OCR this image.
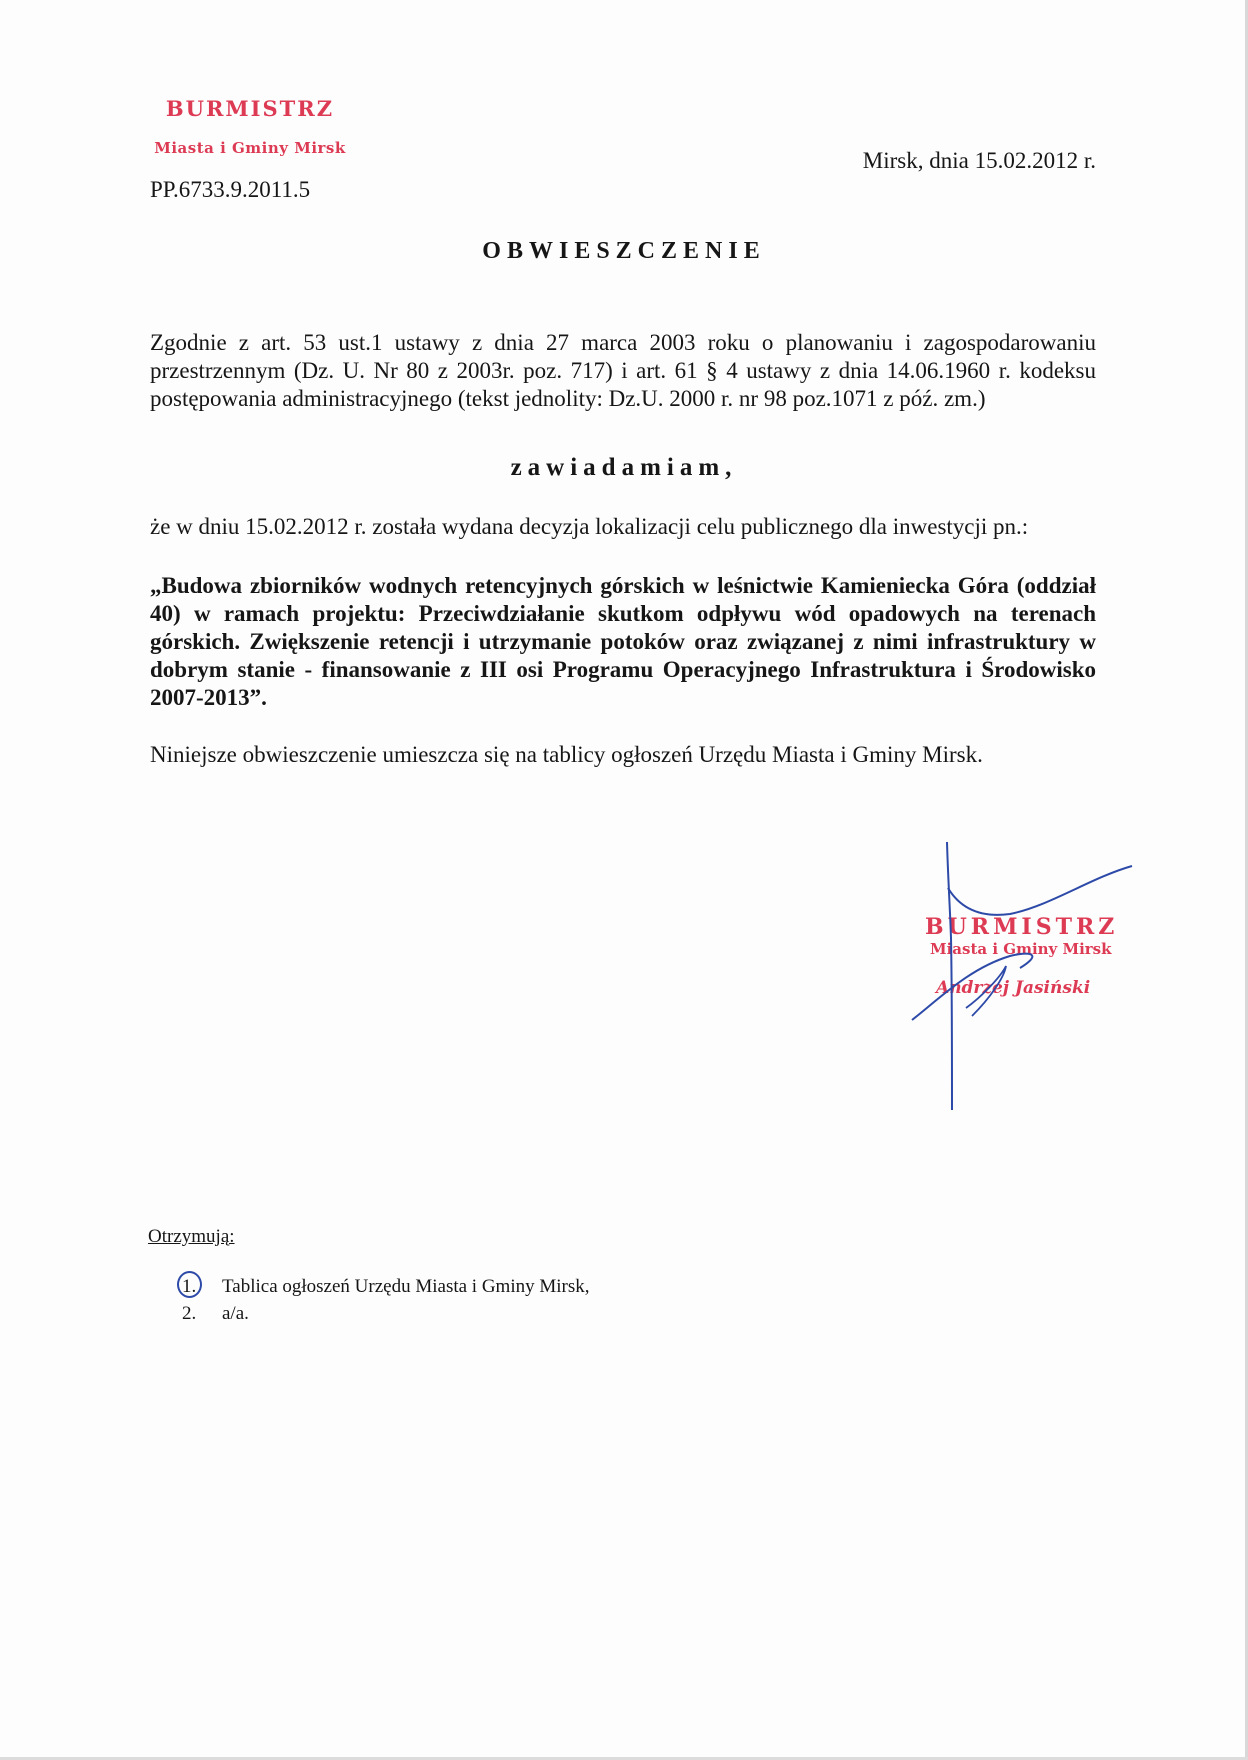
BURMISTRZ
Miasta i Gminy Mirsk
PP.6733.9.2011.5
Mirsk, dnia 15.02.2012 r.
OBWIESZCZENIE
Zgodnie z art. 53 ust.1 ustawy z dnia 27 marca 2003 roku o planowaniu i zagospodarowaniu przestrzennym (Dz. U. Nr 80 z 2003r. poz. 717) i art. 61 § 4 ustawy z dnia 14.06.1960 r. kodeksu postępowania administracyjnego (tekst jednolity: Dz.U. 2000 r. nr 98 poz.1071 z póź. zm.)
zawiadamiam,
że w dniu 15.02.2012 r. została wydana decyzja lokalizacji celu publicznego dla inwestycji pn.:
„Budowa zbiorników wodnych retencyjnych górskich w leśnictwie Kamieniecka Góra (oddział 40) w ramach projektu: Przeciwdziałanie skutkom odpływu wód opadowych na terenach górskich. Zwiększenie retencji i utrzymanie potoków oraz związanej z nimi infrastruktury w dobrym stanie - finansowanie z III osi Programu Operacyjnego Infrastruktura i Środowisko 2007-2013”.
Niniejsze obwieszczenie umieszcza się na tablicy ogłoszeń Urzędu Miasta i Gminy Mirsk.
BURMISTRZ
Miasta i Gminy Mirsk
Andrzej Jasiński
Otrzymują:
1.	Tablica ogłoszeń Urzędu Miasta i Gminy Mirsk,
2.	a/a.
